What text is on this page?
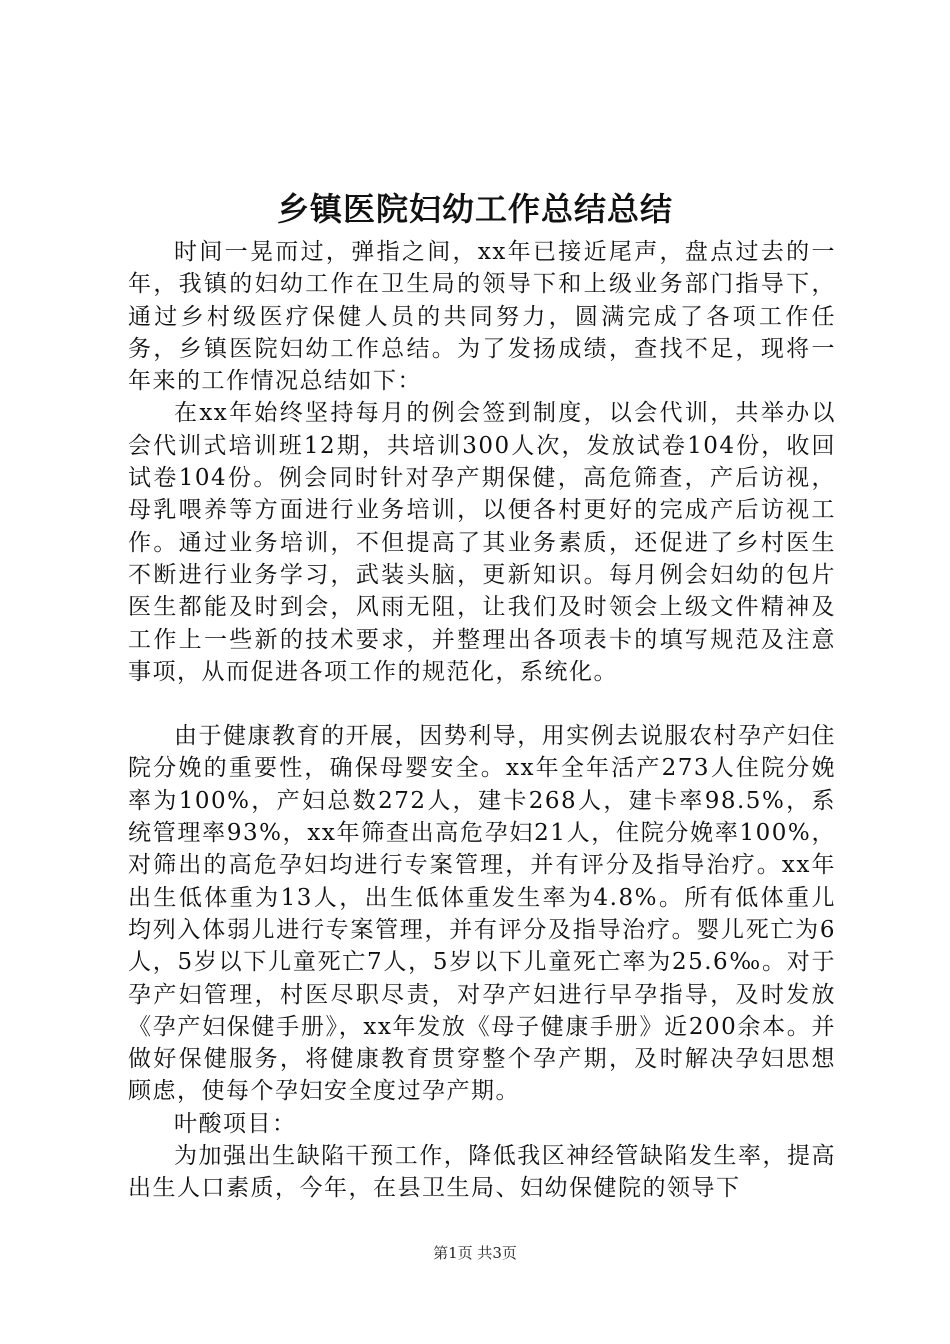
乡镇医院妇幼工作总结总结

时间一晃而过，弹指之间，xx年已接近尾声，盘点过去的一年，我镇的妇幼工作在卫生局的领导下和上级业务部门指导下，通过乡村级医疗保健人员的共同努力，圆满完成了各项工作任务，乡镇医院妇幼工作总结。为了发扬成绩，查找不足，现将一年来的工作情况总结如下：

在xx年始终坚持每月的例会签到制度，以会代训，共举办以会代训式培训班12期，共培训300人次，发放试卷104份，收回试卷104份。例会同时针对孕产期保健，高危筛查，产后访视，母乳喂养等方面进行业务培训，以便各村更好的完成产后访视工作。通过业务培训，不但提高了其业务素质，还促进了乡村医生不断进行业务学习，武装头脑，更新知识。每月例会妇幼的包片医生都能及时到会，风雨无阻，让我们及时领会上级文件精神及工作上一些新的技术要求，并整理出各项表卡的填写规范及注意事项，从而促进各项工作的规范化，系统化。

由于健康教育的开展，因势利导，用实例去说服农村孕产妇住院分娩的重要性，确保母婴安全。xx年全年活产273人住院分娩率为100%，产妇总数272人，建卡268人，建卡率98.5%，系统管理率93%，xx年筛查出高危孕妇21人，住院分娩率100%，对筛出的高危孕妇均进行专案管理，并有评分及指导治疗。xx年出生低体重为13人，出生低体重发生率为4.8%。所有低体重儿均列入体弱儿进行专案管理，并有评分及指导治疗。婴儿死亡为6人，5岁以下儿童死亡7人，5岁以下儿童死亡率为25.6‰。对于孕产妇管理，村医尽职尽责，对孕产妇进行早孕指导，及时发放《孕产妇保健手册》，xx年发放《母子健康手册》近200余本。并做好保健服务，将健康教育贯穿整个孕产期，及时解决孕妇思想顾虑，使每个孕妇安全度过孕产期。

叶酸项目：

为加强出生缺陷干预工作，降低我区神经管缺陷发生率，提高出生人口素质，今年，在县卫生局、妇幼保健院的领导下

第1页 共3页
